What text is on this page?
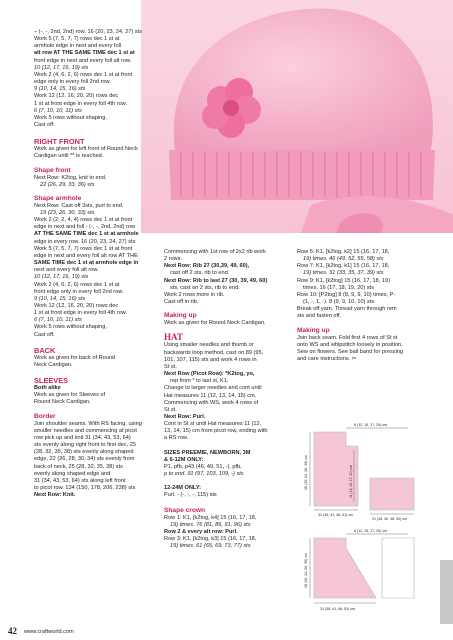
– (-, -, 2nd, 2nd) row. 16 (20, 23, 24, 27) sts

Work 5 (7, 5, 7, 7) rows dec 1 st at

armhole edge in next and every foll

alt row AT THE SAME TIME dec 1 st at

front edge in next and every foll alt row.

10 (12, 17, 16, 19) sts

Work 2 (4, 6, 2, 6) rows dec 1 st at front

edge only in every foll 2nd row.

9 (10, 14, 15, 16) sts

Work 12 (12, 16, 20, 20) rows dec

1 st at front edge in every foll 4th row.

6 (7, 10, 10, 11) sts

Work 5 rows without shaping.

Cast off.

RIGHT FRONT

Work as given for left front of Round Neck

Cardigan until ** is reached.

Shape front

Next Row: K2tog, knit to end.

22 (26, 29, 33, 36) sts

Shape armhole

Next Row: Cast off 3sts, purl to end.

19 (23, 26, 30, 33) sts

Work 2 (2, 2, 4, 4) rows dec 1 st at front

edge in next and foll - (-, -, 2nd, 2nd) row

AT THE SAME TIME dec 1 st at armhole

edge in every row. 16 (20, 23, 24, 27) sts

Work 5 (7, 5, 7, 7) rows dec 1 st at front

edge in next and every foll alt row AT THE

SAME TIME dec 1 st at armhole edge in

next and every foll alt row.

10 (12, 17, 16, 19) sts

Work 2 (4, 6, 2, 6) rows dec 1 st at

front edge only in every foll 2nd row.

9 (10, 14, 15, 16) sts

Work 12 (12, 16, 20, 20) rows dec

1 st at front edge in every foll 4th row.

6 (7, 10, 10, 11) sts

Work 5 rows without shaping,

Cast off.

BACK

Work as given for back of Round

Neck Cardigan.

SLEEVES

Both alike

Work as given for Sleeves of

Round Neck Cardigan.

Border

Join shoulder seams. With RS facing, using

smaller needles and commencing at picot

row pick up and knit 31 (34, 43, 53, 64)

sts evenly along right front to first dec, 25

(28, 32, 35, 38) sts evenly along shaped

edge, 22 (26, 28, 30, 34) sts evenly from

back of neck, 25 (28, 32, 35, 38) sts

evenly along shaped edge and

31 (34, 43, 53, 64) sts along left front

to picot row. 134 (150, 178, 206, 238) sts

Next Row: Knit.

Commencing with 1st row of 2x2 rib work

2 rows.

Next Row: Rib 27 (30,39, 49, 60),

cast off 2 sts, rib to end.

Next Row: Rib to last 27 (30, 39, 49, 60)

sts, cast on 2 sts, rib to end.

Work 2 rows more in rib.

Cast off in rib.

Making up

Work as given for Round Neck Cardigan.

HAT

Using smaller needles and thumb or

backwards loop method, cast on 89 (95,

101, 107, 115) sts and work 4 rows in

St st.

Next Row (Picot Row): *K2tog, yo,

rep from * to last st, K1,

Change to larger needles and cont until

Hat measures 11 (12, 13, 14, 15) cm.

Commencing with WS, work 4 rows of

St st.

Next Row: Purl.

Cont in St st until Hat measures 11 (12,

13, 14, 15) cm from picot row, ending with

a RS row.

SIZES PREEMIE, NEWBORN, 3M

& 6-12M ONLY:

P1, pfb, p43 (46, 49, 51, -), pfb,

p to end. 91 (97, 103, 109, -) sts

12-24M ONLY:

Purl. - (-, -, -, 115) sts

Shape crown

Row 1: K1, [k2tog, k4] 15 (16, 17, 18,

19) times. 76 (81, 86, 91, 96) sts

Row 2 & every alt row: Purl.

Row 3: K1, [k2tog, k3] 15 (16, 17, 18,

19) times. 61 (65, 69, 73, 77) sts

Row 5: K1, [k2tog, k2] 15 (16, 17, 18,

19) times. 46 (49, 52, 55, 58) sts

Row 7: K1, [k2tog, k1] 15 (16, 17, 18,

19) times. 31 (33, 35, 37, 39) sts

Row 9: K1, [k2tog] 15 (16, 17, 18, 19)

times. 16 (17, 18, 19, 20) sts

Row 10: [P2tog] 8 (8, 9, 9, 10) times, P-

(1, -, 1, -). 8 (9, 9, 10, 10) sts

Break off yarn. Thread yarn through rem

sts and fasten off.

Making up

Join back seam. Fold first 4 rows of St st

onto WS and whipstitch loosely in position.

Sew on flowers. See ball band for pressing

and care instructions. ✂

8 (12, 15, 17, 20) cm
18 (20, 24, 26, 30) cm	11 (13, 15, 17, 20) cm
31 (36, 41, 46, 51) cm
21 (26, 30, 36, 40) cm
8 (12, 15, 17, 20) cm
18 (20, 24, 26, 30) cm
31 (36, 41, 46, 51) cm
42 www.craftworld.com
